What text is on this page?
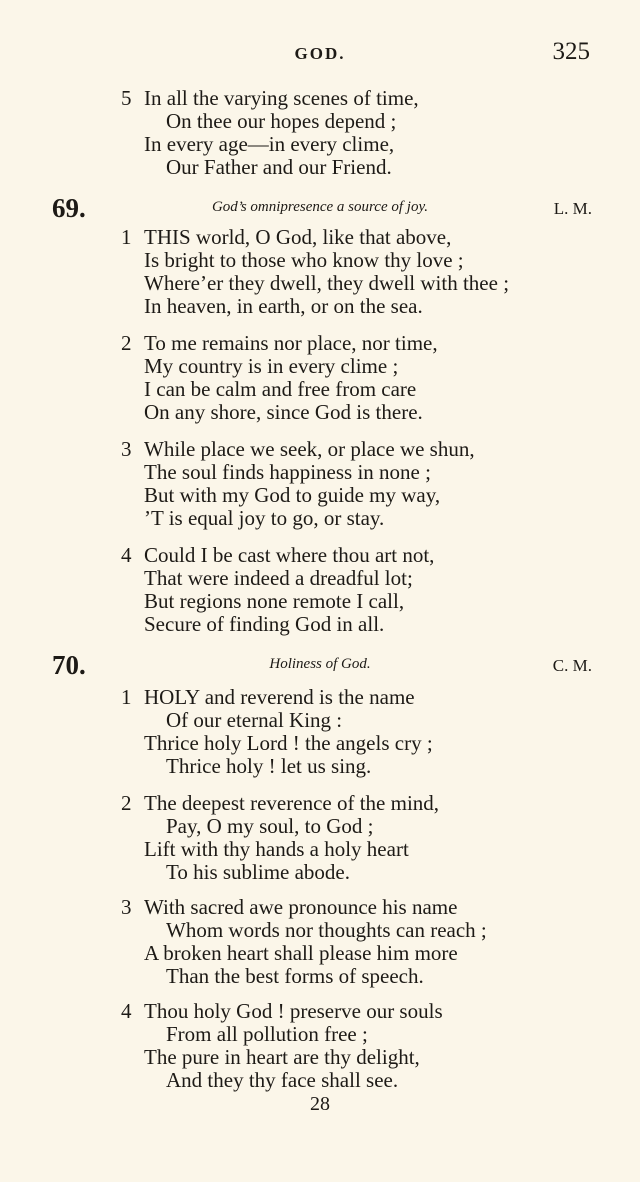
GOD.	325
5 In all the varying scenes of time,
On thee our hopes depend ;
In every age—in every clime,
Our Father and our Friend.
69.	God’s omnipresence a source of joy.	L. M.
1 THIS world, O God, like that above,
Is bright to those who know thy love ;
Where’er they dwell, they dwell with thee ;
In heaven, in earth, or on the sea.
2 To me remains nor place, nor time,
My country is in every clime ;
I can be calm and free from care
On any shore, since God is there.
3 While place we seek, or place we shun,
The soul finds happiness in none ;
But with my God to guide my way,
’T is equal joy to go, or stay.
4 Could I be cast where thou art not,
That were indeed a dreadful lot;
But regions none remote I call,
Secure of finding God in all.
70.	Holiness of God.	C. M.
1 HOLY and reverend is the name
Of our eternal King :
Thrice holy Lord ! the angels cry ;
Thrice holy ! let us sing.
2 The deepest reverence of the mind,
Pay, O my soul, to God ;
Lift with thy hands a holy heart
To his sublime abode.
3 With sacred awe pronounce his name
Whom words nor thoughts can reach ;
A broken heart shall please him more
Than the best forms of speech.
4 Thou holy God ! preserve our souls
From all pollution free ;
The pure in heart are thy delight,
And they thy face shall see.
28
